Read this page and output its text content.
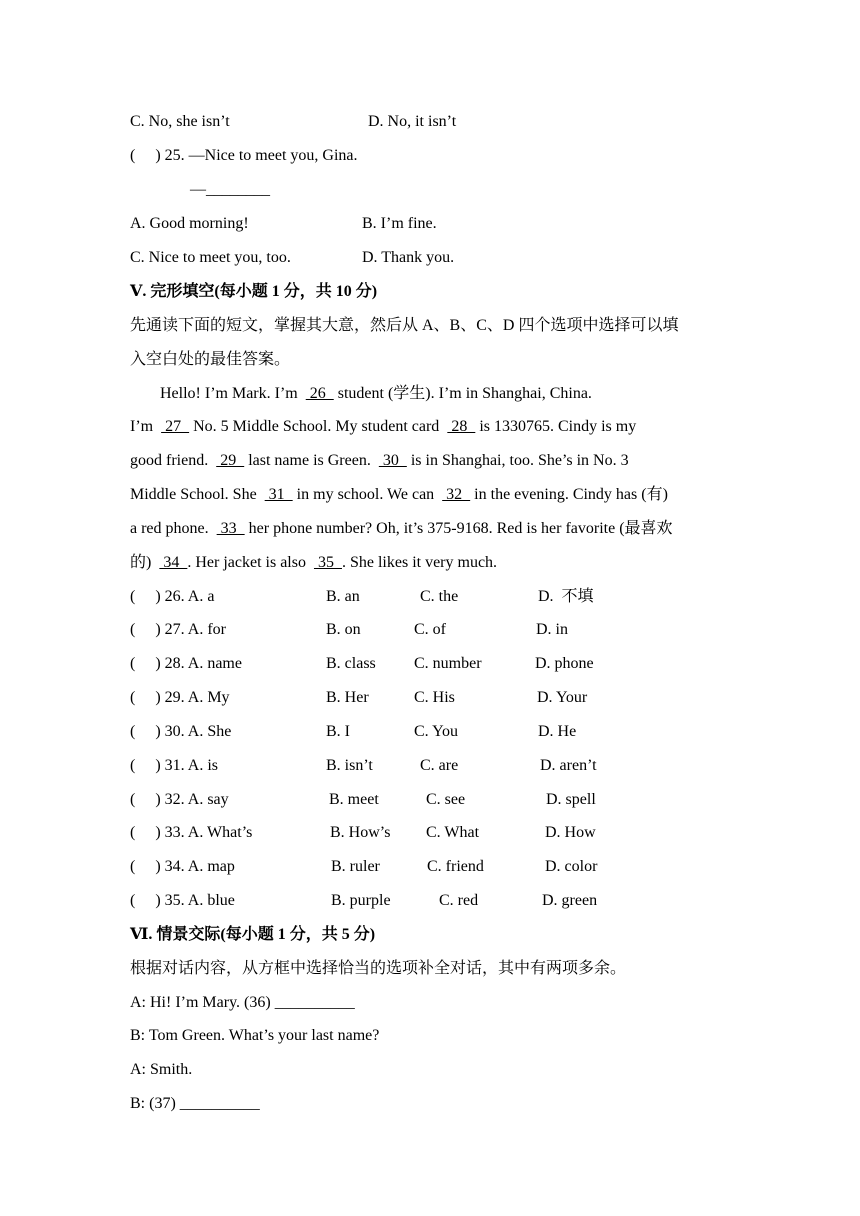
C. No, she isn’t	D. No, it isn’t
(     ) 25. —Nice to meet you, Gina.
—________
A. Good morning!	B. I’m fine.
C. Nice to meet you, too.	D. Thank you.
Ⅴ. 完形填空(每小题 1 分，共 10 分)
先通读下面的短文，掌握其大意，然后从 A、B、C、D 四个选项中选择可以填
入空白处的最佳答案。
Hello! I’m Mark. I’m   26   student (学生). I’m in Shanghai, China.
I’m   27   No. 5 Middle School. My student card   28   is 1330765. Cindy is my
good friend.   29   last name is Green.   30   is in Shanghai, too. She’s in No. 3
Middle School. She   31   in my school. We can   32   in the evening. Cindy has (有)
a red phone.   33   her phone number? Oh, it’s 375-9168. Red is her favorite (最喜欢
的)   34  . Her jacket is also   35  . She likes it very much.
(     ) 26. A. a	B. an	C. the	D.  不填
(     ) 27. A. for	B. on	C. of	D. in
(     ) 28. A. name	B. class C. number	D. phone
(     ) 29. A. My	B. Her	C. His	D. Your
(     ) 30. A. She	B. I	C. You	D. He
(     ) 31. A. is	B. isn’t	C. are	D. aren’t
(     ) 32. A. say	B. meet	C. see	D. spell
(     ) 33. A. What’s	B. How’s C. What	D. How
(     ) 34. A. map	B. ruler	C. friend	D. color
(     ) 35. A. blue	B. purple	C. red	D. green
Ⅵ. 情景交际(每小题 1 分，共 5 分)
根据对话内容，从方框中选择恰当的选项补全对话，其中有两项多余。
A: Hi! I’m Mary. (36) __________
B: Tom Green. What’s your last name?
A: Smith.
B: (37) __________
